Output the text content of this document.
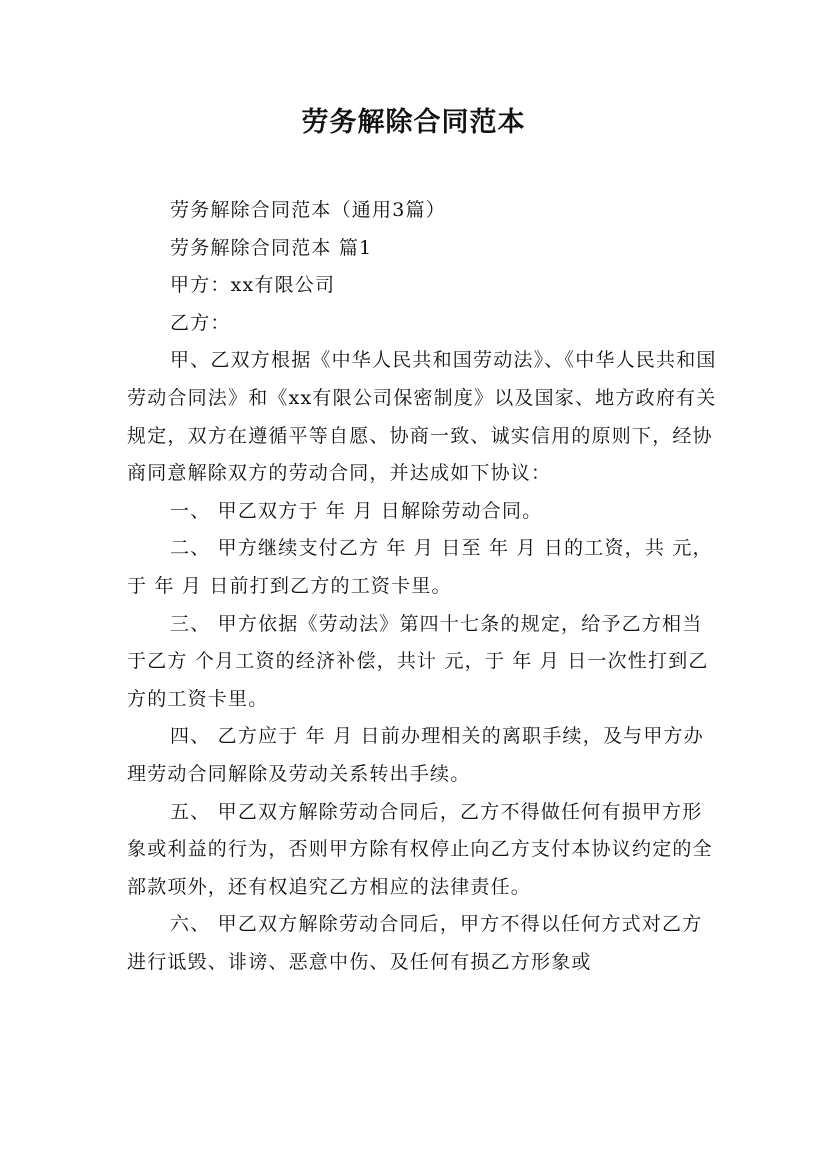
劳务解除合同范本

劳务解除合同范本（通用3篇）

劳务解除合同范本 篇1

甲方：xx有限公司

乙方：

甲、乙双方根据《中华人民共和国劳动法》、《中华人民共和国劳动合同法》和《xx有限公司保密制度》以及国家、地方政府有关规定，双方在遵循平等自愿、协商一致、诚实信用的原则下，经协商同意解除双方的劳动合同，并达成如下协议：

一、 甲乙双方于 年 月 日解除劳动合同。

二、 甲方继续支付乙方 年 月 日至 年 月 日的工资，共 元，于 年 月 日前打到乙方的工资卡里。

三、 甲方依据《劳动法》第四十七条的规定，给予乙方相当于乙方 个月工资的经济补偿，共计 元，于 年 月 日一次性打到乙方的工资卡里。

四、 乙方应于 年 月 日前办理相关的离职手续，及与甲方办理劳动合同解除及劳动关系转出手续。

五、 甲乙双方解除劳动合同后，乙方不得做任何有损甲方形象或利益的行为，否则甲方除有权停止向乙方支付本协议约定的全部款项外，还有权追究乙方相应的法律责任。

六、 甲乙双方解除劳动合同后，甲方不得以任何方式对乙方进行诋毁、诽谤、恶意中伤、及任何有损乙方形象或
